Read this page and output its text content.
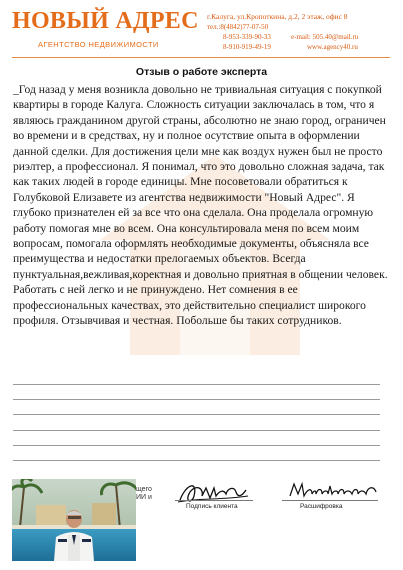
НОВЫЙ АДРЕС
АГЕНТСТВО НЕДВИЖИМОСТИ
г.Калуга, ул.Кропоткина, д.2, 2 этаж, офис 8
тел.:8(4842)77-07-50
8-953-339-90-33
8-910-919-49-19
e-mail: 505.40@mail.ru
www.agency40.ru
Отзыв о работе эксперта
_Год назад у меня возникла довольно не тривиальная ситуация с покупкой квартиры в городе Калуга. Сложность ситуации заключалась в том, что я являюсь гражданином другой страны, абсолютно не знаю город, ограничен во времени и в средствах, ну и полное осутствие опыта в оформлении данной сделки. Для достижения цели мне как воздух нужен был не просто риэлтер, а профессионал. Я понимал, что это довольно сложная задача, так как таких людей в городе единицы. Мне посоветовали обратиться к Голубковой Елизавете из агентства недвижимости "Новый Адрес". Я глубоко признателен ей за все что она сделала. Она проделала огромную работу помогая мне во всем. Она консультировала меня по всем моим вопросам, помогала оформлять необходимые документы, объясняла все преимущества и недостатки прелогаемых объектов. Всегда пунктуальная,вежливая,коректная и довольно приятная в общении человек. Работать с ней легко и не принуждено. Нет сомнения в ее профессиональных качествах, это действительно специалист широкого профиля. Отзывчивая и честная. Побольше бы таких сотрудников.
щего
ИИ и
Подпись клиента	Расшифровка
